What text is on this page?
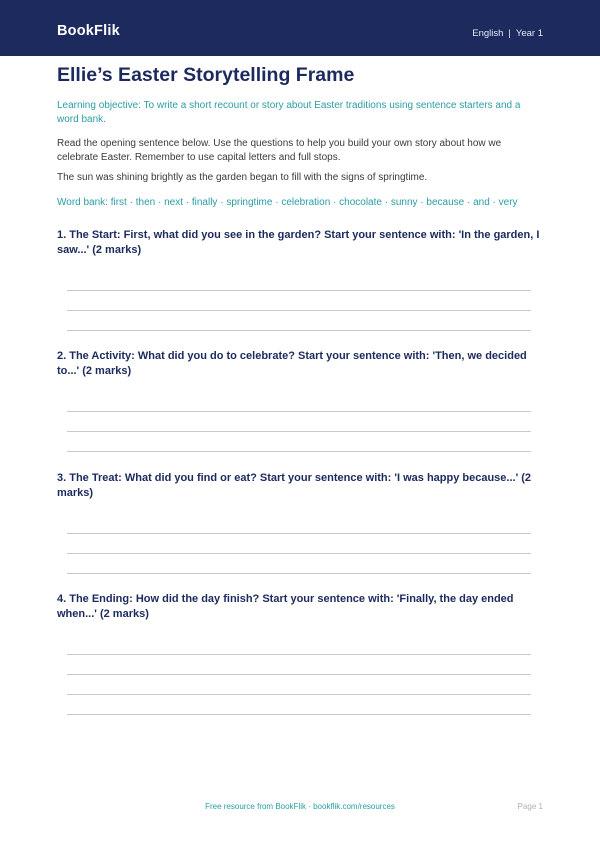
BookFlik	English | Year 1
Ellie’s Easter Storytelling Frame

Learning objective: To write a short recount or story about Easter traditions using sentence starters and a word bank.

Read the opening sentence below. Use the questions to help you build your own story about how we celebrate Easter. Remember to use capital letters and full stops.

The sun was shining brightly as the garden began to fill with the signs of springtime.

Word bank: first · then · next · finally · springtime · celebration · chocolate · sunny · because · and · very

1. The Start: First, what did you see in the garden? Start your sentence with: 'In the garden, I saw...' (2 marks)

2. The Activity: What did you do to celebrate? Start your sentence with: 'Then, we decided to...' (2 marks)

3. The Treat: What did you find or eat? Start your sentence with: 'I was happy because...' (2 marks)

4. The Ending: How did the day finish? Start your sentence with: 'Finally, the day ended when...' (2 marks)

Free resource from BookFlik · bookflik.com/resources	Page 1
